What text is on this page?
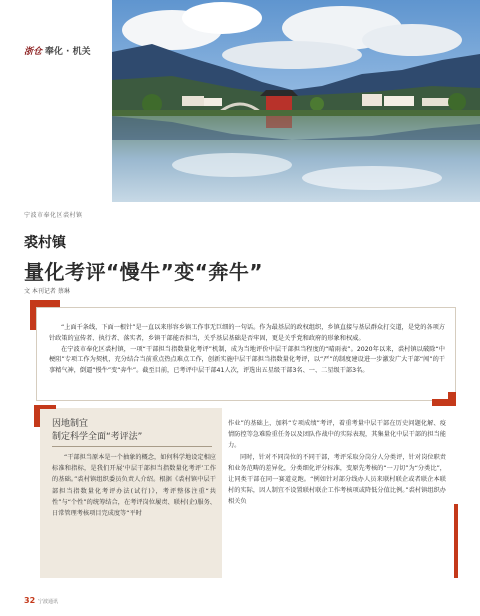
浙仓 奉化 · 机关
宁波市奉化区裘村镇
裘村镇
量化考评“慢牛”变“奔牛”
文 本刊记者 蔡琳

“上面千条线，下面一根针”是一直以来形容乡镇工作事无巨细的一句话。作为最基层的政权组织，乡镇直接与基层群众打交道，是党的各项方针政策的宣传者、执行者、落实者，乡镇干部能否担当，关乎基层基础是否牢固，更是关乎党和政府的形象和权威。

在宁波市奉化区裘村镇，一项“干部担当指数量化考评”机制，成为当地评价中层干部担当程度的“晴雨表”。2020年以来，裘村镇以破除“中梗阻”专项工作为契机，充分结合当前重点热点难点工作，创新实施中层干部担当指数量化考评，以“严”的制度建设进一步激发广大干部“闯”的干事精气神，倒逼“慢牛”变“奔牛”。截至目前，已考评中层干部41人次，评选出五星级干部3名、一、二星级干部3名。

因地制宜
制定科学全面“考评法”

“干部担当原本是一个抽象的概念，如何科学地设定相应标准和指标，是我们开展‘中层干部担当指数量化考评’工作的基础。”裘村镇组织委员负责人介绍。根据《裘村镇中层干部担当指数量化考评办法(试行)》，考评整体注重“共性”与“个性”的统筹结合，在考评岗位履责、联村(企)服务、日常管理考核项目完成度等“平时

作业”的基础上，加料“专项成绩”考评，着重考量中层干部在历史问题化解、疫情防控等急难险重任务以及团队作战中的实际表现，其集量化中层干部的担当能力。

同时，针对不同岗位的不同干部，考评采取分岗分人分类评，针对岗位职责和业务范畴的差异化，分类细化评分标准，变原先考核的“一刀切”为“分类比”，让同类干部在同一赛道竞跑。“例如针对部分线办人员来联村联企或者联企本联村的实际，因人制宜不设置联村联企工作考核项或降低分值比例。”裘村镇组织办相关负

32 宁波通讯
